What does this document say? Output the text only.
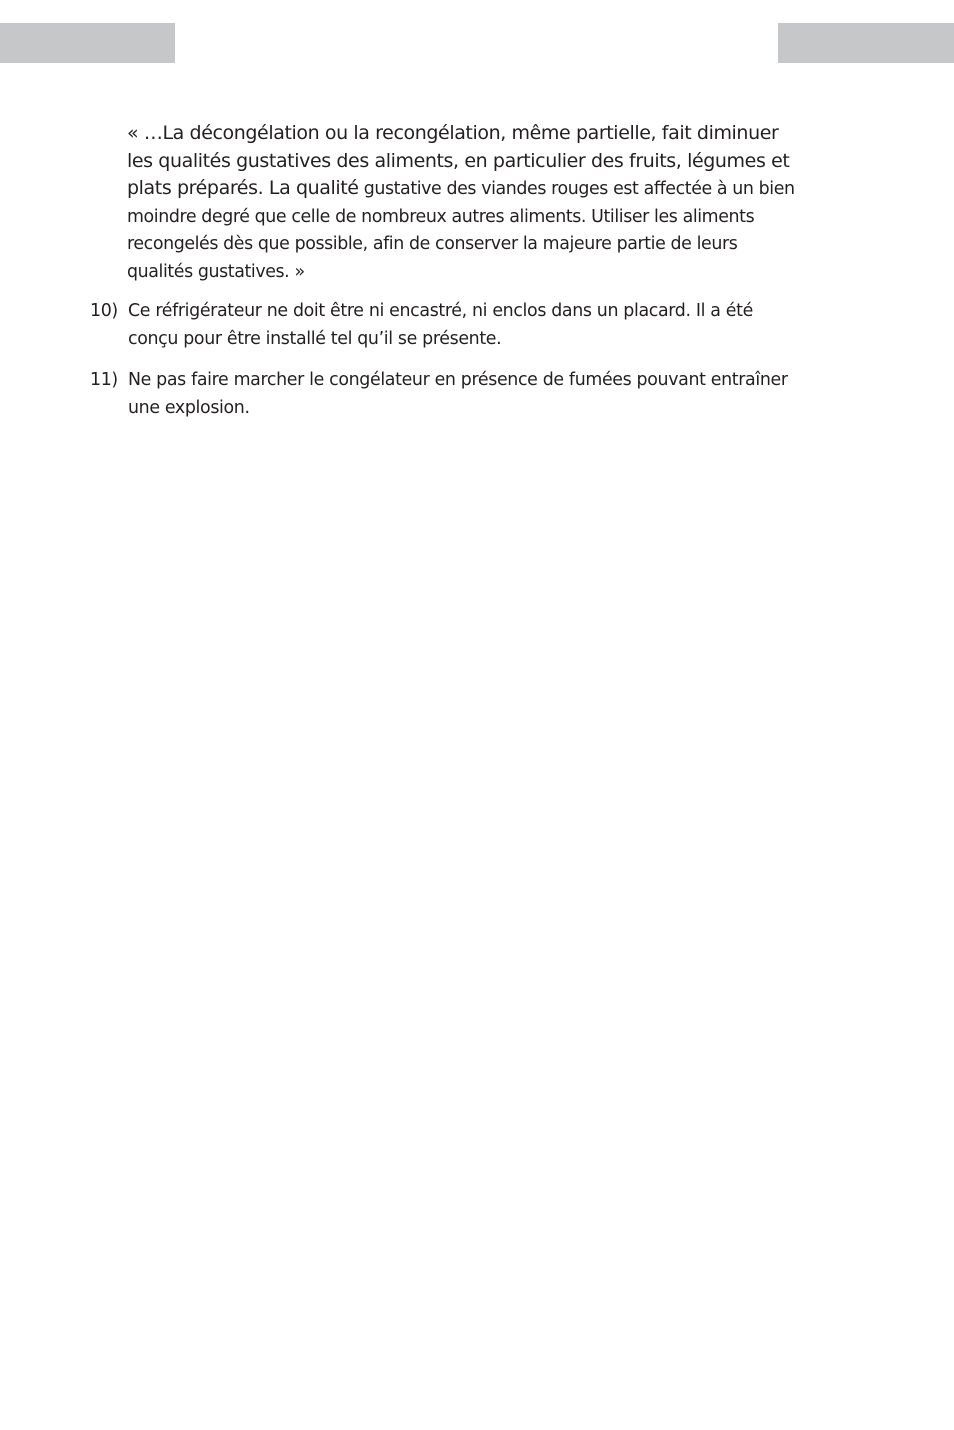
« …La décongélation ou la recongélation, même partielle, fait diminuer
les qualités gustatives des aliments, en particulier des fruits, légumes et
plats préparés. La qualité gustative des viandes rouges est affectée à un bien
moindre degré que celle de nombreux autres aliments. Utiliser les aliments
recongelés dès que possible, afin de conserver la majeure partie de leurs
qualités gustatives. »

10) Ce réfrigérateur ne doit être ni encastré, ni enclos dans un placard. Il a été
conçu pour être installé tel qu’il se présente.
11) Ne pas faire marcher le congélateur en présence de fumées pouvant entraîner
une explosion.
